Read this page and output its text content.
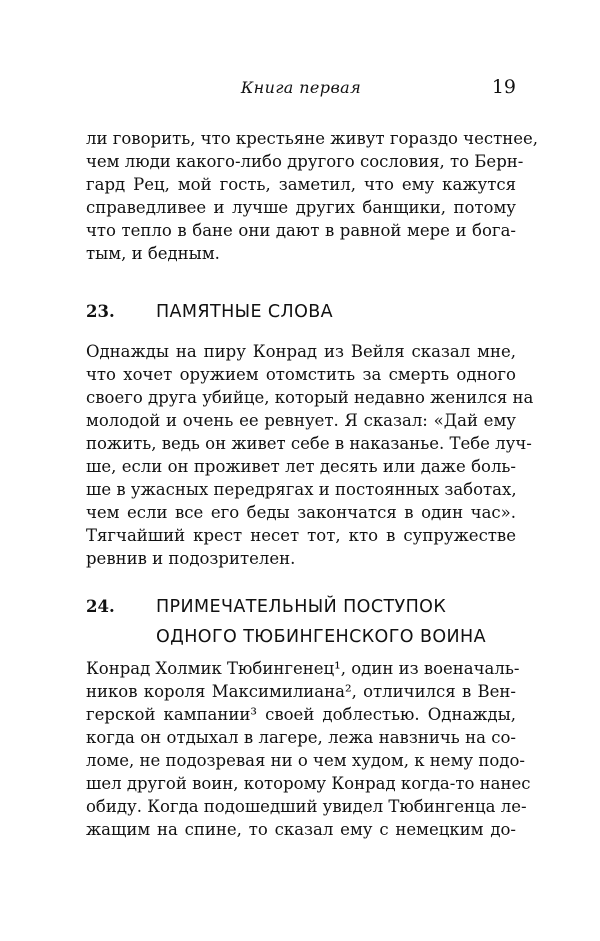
Книга первая	19
ли говорить, что крестьяне живут гораздо честнее,
чем люди какого-либо другого сословия, то Берн-
гард Рец, мой гость, заметил, что ему кажутся
справедливее и лучше других банщики, потому
что тепло в бане они дают в равной мере и бога-
тым, и бедным.
23. ПАМЯТНЫЕ СЛОВА
Однажды на пиру Конрад из Вейля сказал мне,
что хочет оружием отомстить за смерть одного
своего друга убийце, который недавно женился на
молодой и очень ее ревнует. Я сказал: «Дай ему
пожить, ведь он живет себе в наказанье. Тебе луч-
ше, если он проживет лет десять или даже боль-
ше в ужасных передрягах и постоянных заботах,
чем если все его беды закончатся в один час».
Тягчайший крест несет тот, кто в супружестве
ревнив и подозрителен.
24. ПРИМЕЧАТЕЛЬНЫЙ ПОСТУПОК
ОДНОГО ТЮБИНГЕНСКОГО ВОИНА
Конрад Холмик Тюбингенец¹, один из военачаль-
ников короля Максимилиана², отличился в Вен-
герской кампании³ своей доблестью. Однажды,
когда он отдыхал в лагере, лежа навзничь на со-
ломе, не подозревая ни о чем худом, к нему подо-
шел другой воин, которому Конрад когда-то нанес
обиду. Когда подошедший увидел Тюбингенца ле-
жащим на спине, то сказал ему с немецким до-
